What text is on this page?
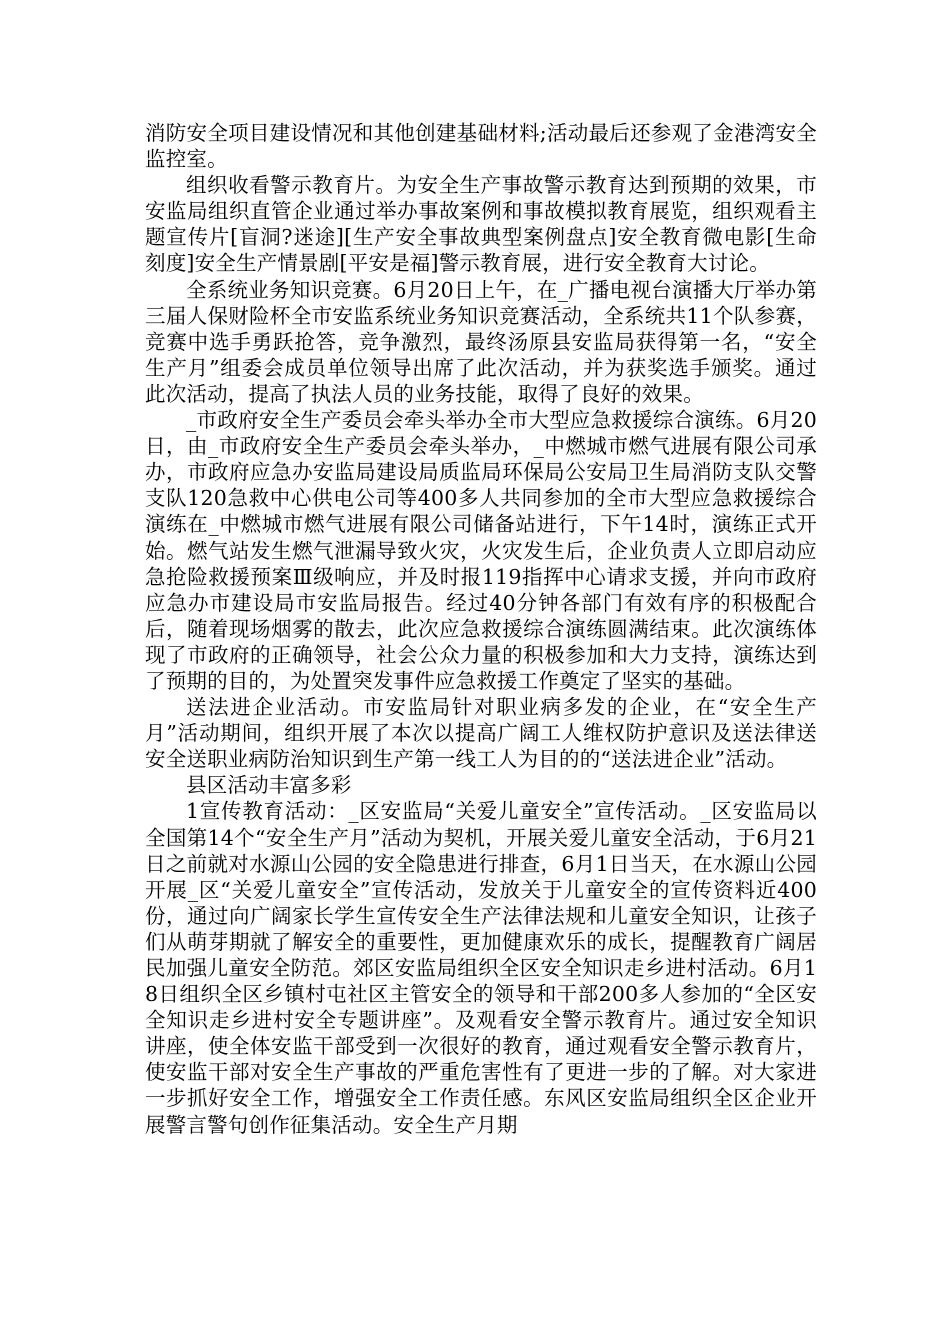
消防安全项目建设情况和其他创建基础材料;活动最后还参观了金港湾安全监控室。

组织收看警示教育片。为安全生产事故警示教育达到预期的效果，市安监局组织直管企业通过举办事故案例和事故模拟教育展览，组织观看主题宣传片[盲洞?迷途][生产安全事故典型案例盘点]安全教育微电影[生命刻度]安全生产情景剧[平安是福]警示教育展，进行安全教育大讨论。

全系统业务知识竞赛。6月20日上午，在_广播电视台演播大厅举办第三届人保财险杯全市安监系统业务知识竞赛活动，全系统共11个队参赛，竞赛中选手勇跃抢答，竞争激烈，最终汤原县安监局获得第一名，“安全生产月”组委会成员单位领导出席了此次活动，并为获奖选手颁奖。通过此次活动，提高了执法人员的业务技能，取得了良好的效果。

_市政府安全生产委员会牵头举办全市大型应急救援综合演练。6月20日，由_市政府安全生产委员会牵头举办，_中燃城市燃气进展有限公司承办，市政府应急办安监局建设局质监局环保局公安局卫生局消防支队交警支队120急救中心供电公司等400多人共同参加的全市大型应急救援综合演练在_中燃城市燃气进展有限公司储备站进行，下午14时，演练正式开始。燃气站发生燃气泄漏导致火灾，火灾发生后，企业负责人立即启动应急抢险救援预案Ⅲ级响应，并及时报119指挥中心请求支援，并向市政府应急办市建设局市安监局报告。经过40分钟各部门有效有序的积极配合后，随着现场烟雾的散去，此次应急救援综合演练圆满结束。此次演练体现了市政府的正确领导，社会公众力量的积极参加和大力支持，演练达到了预期的目的，为处置突发事件应急救援工作奠定了坚实的基础。

送法进企业活动。市安监局针对职业病多发的企业，在“安全生产月”活动期间，组织开展了本次以提高广阔工人维权防护意识及送法律送安全送职业病防治知识到生产第一线工人为目的的“送法进企业”活动。

县区活动丰富多彩

1宣传教育活动：_区安监局“关爱儿童安全”宣传活动。_区安监局以全国第14个“安全生产月”活动为契机，开展关爱儿童安全活动，于6月21日之前就对水源山公园的安全隐患进行排查，6月1日当天，在水源山公园开展_区“关爱儿童安全”宣传活动，发放关于儿童安全的宣传资料近400份，通过向广阔家长学生宣传安全生产法律法规和儿童安全知识，让孩子们从萌芽期就了解安全的重要性，更加健康欢乐的成长，提醒教育广阔居民加强儿童安全防范。郊区安监局组织全区安全知识走乡进村活动。6月18日组织全区乡镇村屯社区主管安全的领导和干部200多人参加的“全区安全知识走乡进村安全专题讲座”。及观看安全警示教育片。通过安全知识讲座，使全体安监干部受到一次很好的教育，通过观看安全警示教育片，使安监干部对安全生产事故的严重危害性有了更进一步的了解。对大家进一步抓好安全工作，增强安全工作责任感。东风区安监局组织全区企业开展警言警句创作征集活动。安全生产月期
